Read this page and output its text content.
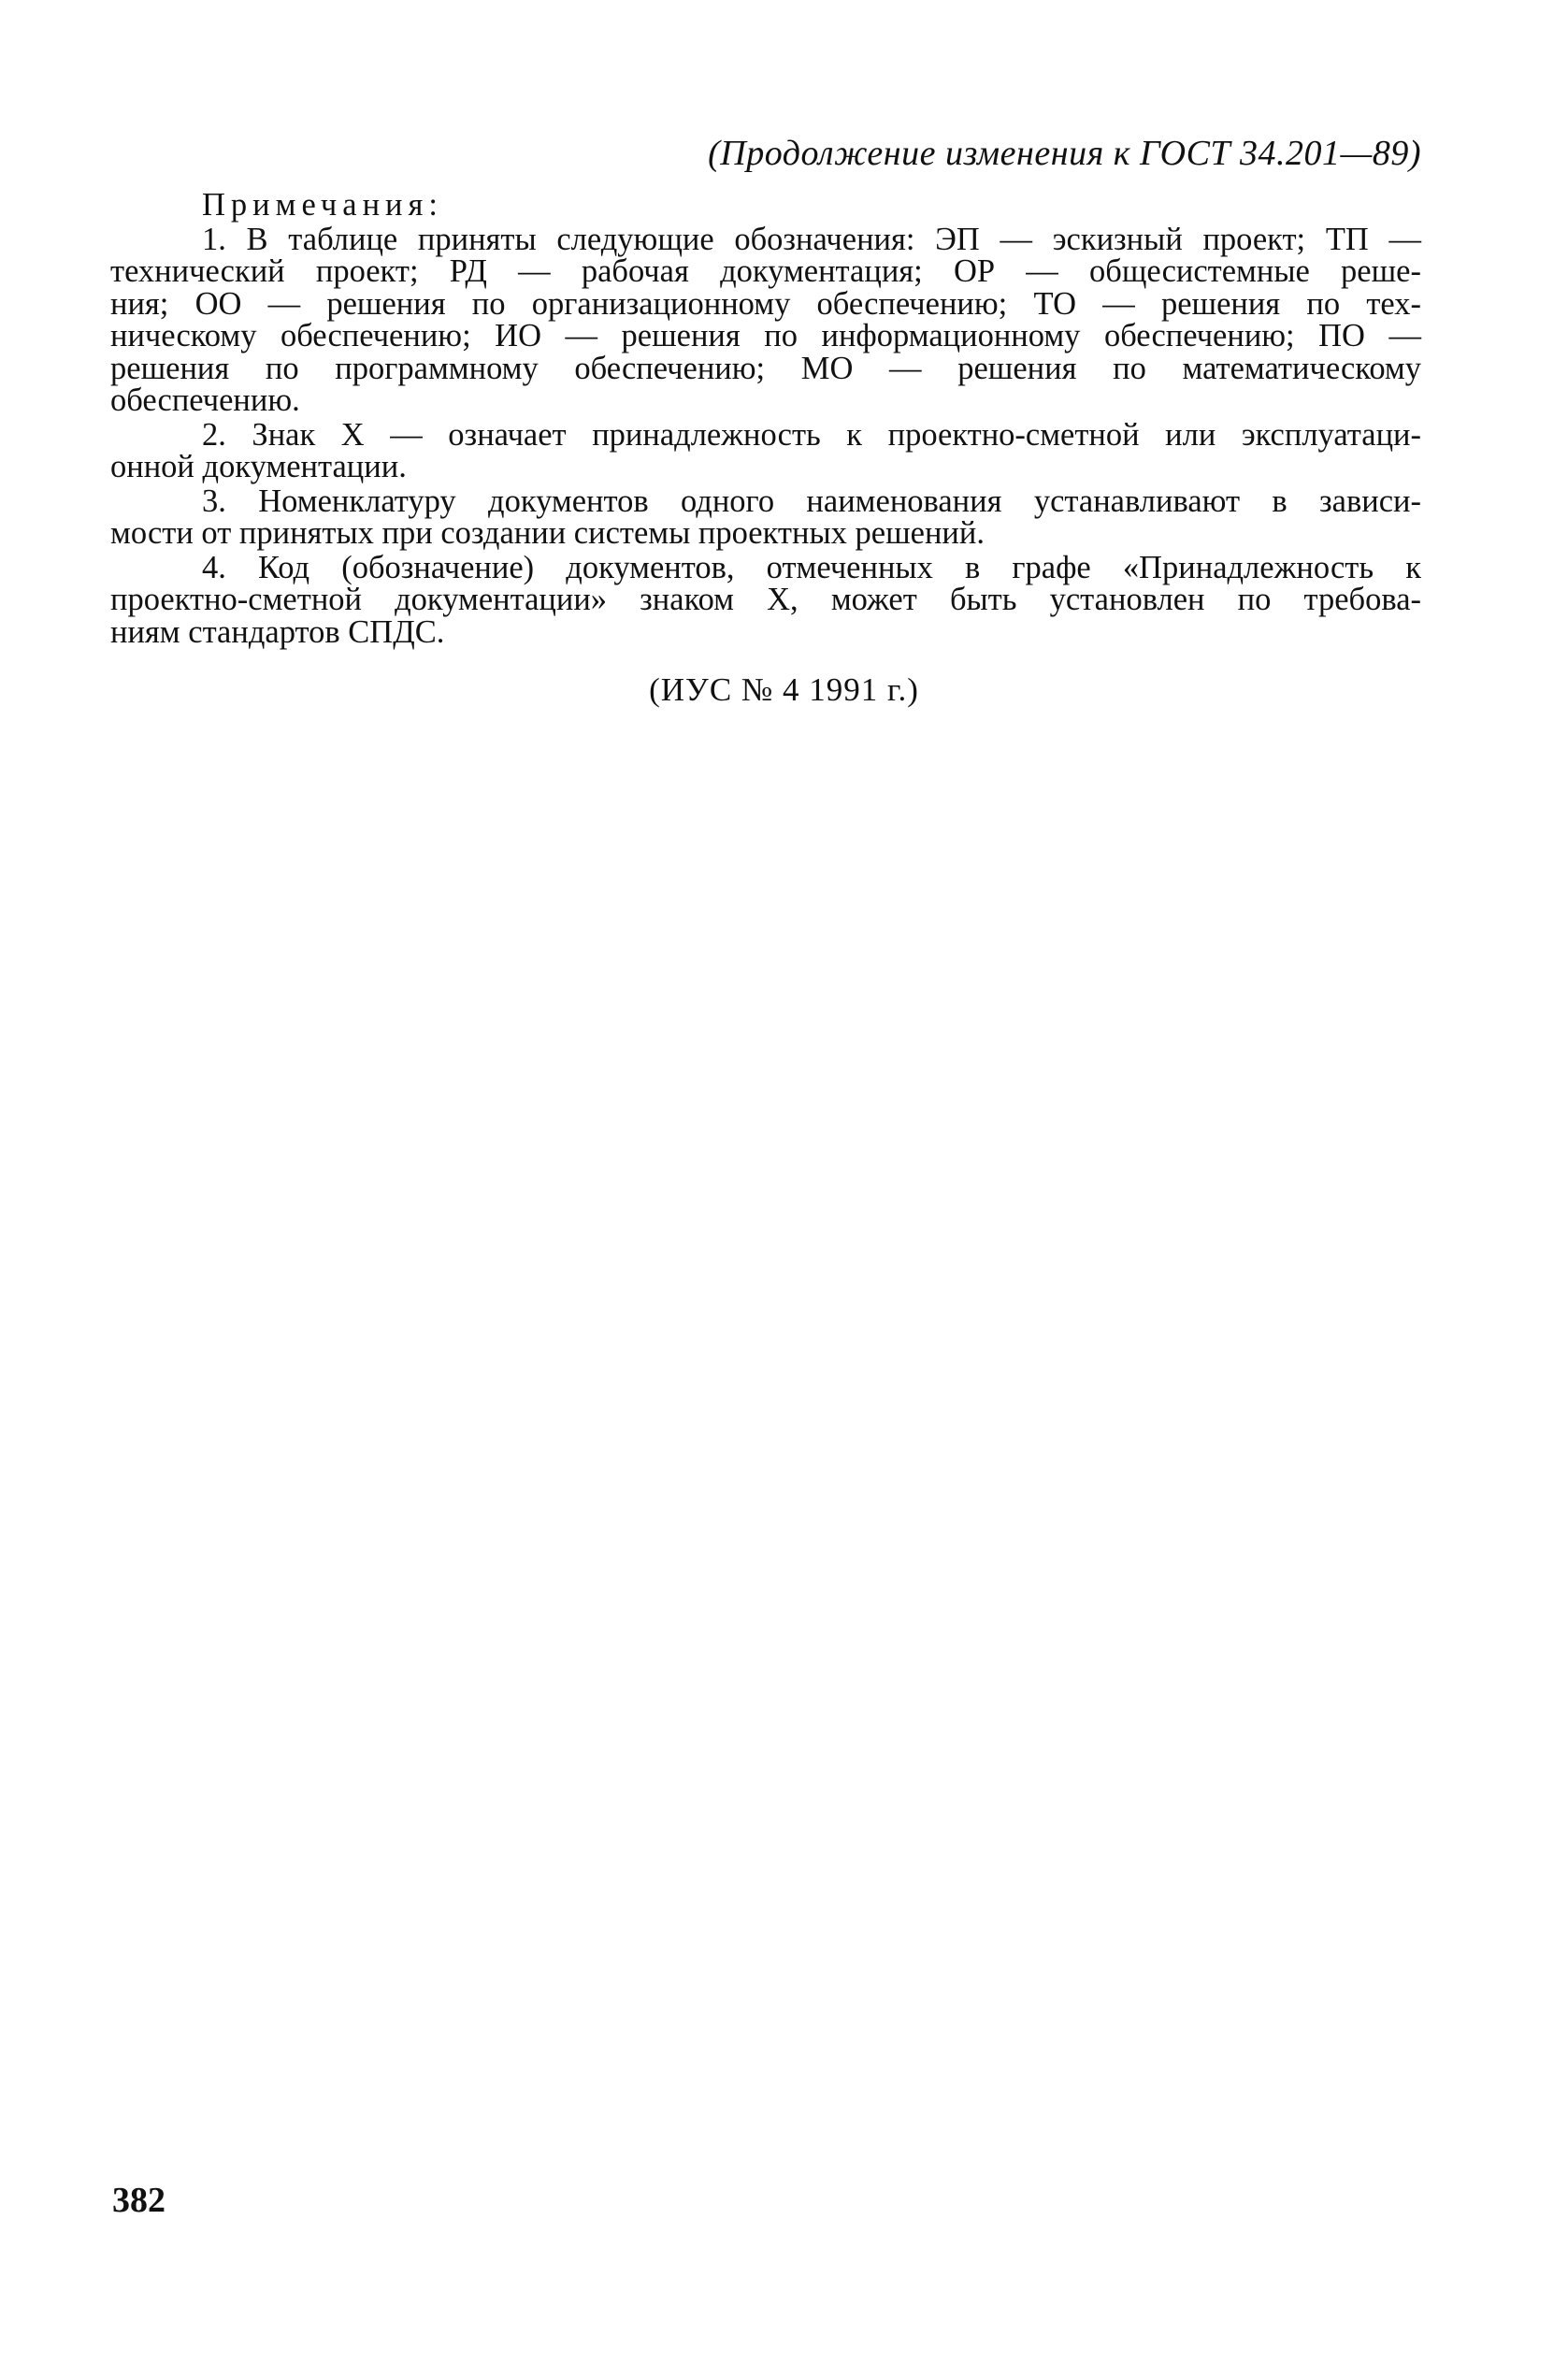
(Продолжение изменения к ГОСТ 34.201—89)
Примечания:
1. В таблице приняты следующие обозначения: ЭП — эскизный проект; ТП —
технический проект; РД — рабочая документация; ОР — общесистемные реше-
ния; ОО — решения по организационному обеспечению; ТО — решения по тех-
ническому обеспечению; ИО — решения по информационному обеспечению; ПО —
решения по программному обеспечению; МО — решения по математическому
обеспечению.
2. Знак X — означает принадлежность к проектно-сметной или эксплуатаци-
онной документации.
3. Номенклатуру документов одного наименования устанавливают в зависи-
мости от принятых при создании системы проектных решений.
4. Код (обозначение) документов, отмеченных в графе «Принадлежность к
проектно-сметной документации» знаком X, может быть установлен по требова-
ниям стандартов СПДС.
(ИУС № 4 1991 г.)
382
